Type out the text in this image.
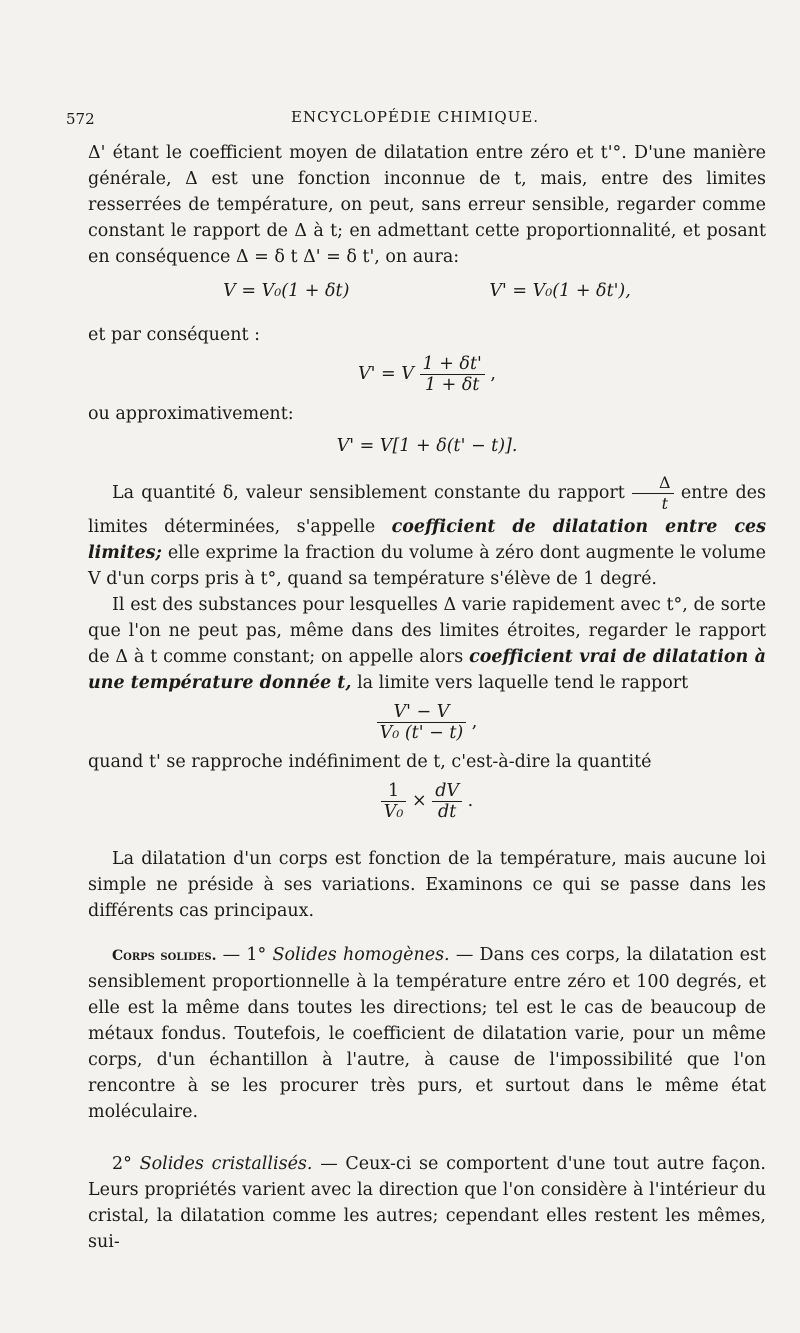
572	ENCYCLOPÉDIE CHIMIQUE.

Δ' étant le coefficient moyen de dilatation entre zéro et t'°. D'une manière générale, Δ est une fonction inconnue de t, mais, entre des limites resserrées de température, on peut, sans erreur sensible, regarder comme constant le rapport de Δ à t; en admettant cette proportionnalité, et posant en conséquence Δ = δ t Δ' = δ t', on aura:

V = V₀(1 + δt)	V' = V₀(1 + δt'),

et par conséquent :

V' = V $\frac{1 + \delta t'}{1 + \delta t}$ ,

ou approximativement:

V' = V[1 + δ(t' − t)].

La quantité δ, valeur sensiblement constante du rapport $\frac{\Delta}{t}$ entre des limites déterminées, s'appelle coefficient de dilatation entre ces limites; elle exprime la fraction du volume à zéro dont augmente le volume V d'un corps pris à t°, quand sa température s'élève de 1 degré.

Il est des substances pour lesquelles Δ varie rapidement avec t°, de sorte que l'on ne peut pas, même dans des limites étroites, regarder le rapport de Δ à t comme constant; on appelle alors coefficient vrai de dilatation à une température donnée t, la limite vers laquelle tend le rapport

$\frac{V' - V}{\text{V₀ (t' − t)}}$ ,

quand t' se rapproche indéfiniment de t, c'est-à-dire la quantité

$\frac{1}{\text{V₀}} \times \frac{dV}{dt}$ .

La dilatation d'un corps est fonction de la température, mais aucune loi simple ne préside à ses variations. Examinons ce qui se passe dans les différents cas principaux.

Corps solides. — 1° Solides homogènes. — Dans ces corps, la dilatation est sensiblement proportionnelle à la température entre zéro et 100 degrés, et elle est la même dans toutes les directions; tel est le cas de beaucoup de métaux fondus. Toutefois, le coefficient de dilatation varie, pour un même corps, d'un échantillon à l'autre, à cause de l'impossibilité que l'on rencontre à se les procurer très purs, et surtout dans le même état moléculaire.

2° Solides cristallisés. — Ceux-ci se comportent d'une tout autre façon. Leurs propriétés varient avec la direction que l'on considère à l'intérieur du cristal, la dilatation comme les autres; cependant elles restent les mêmes, sui-
